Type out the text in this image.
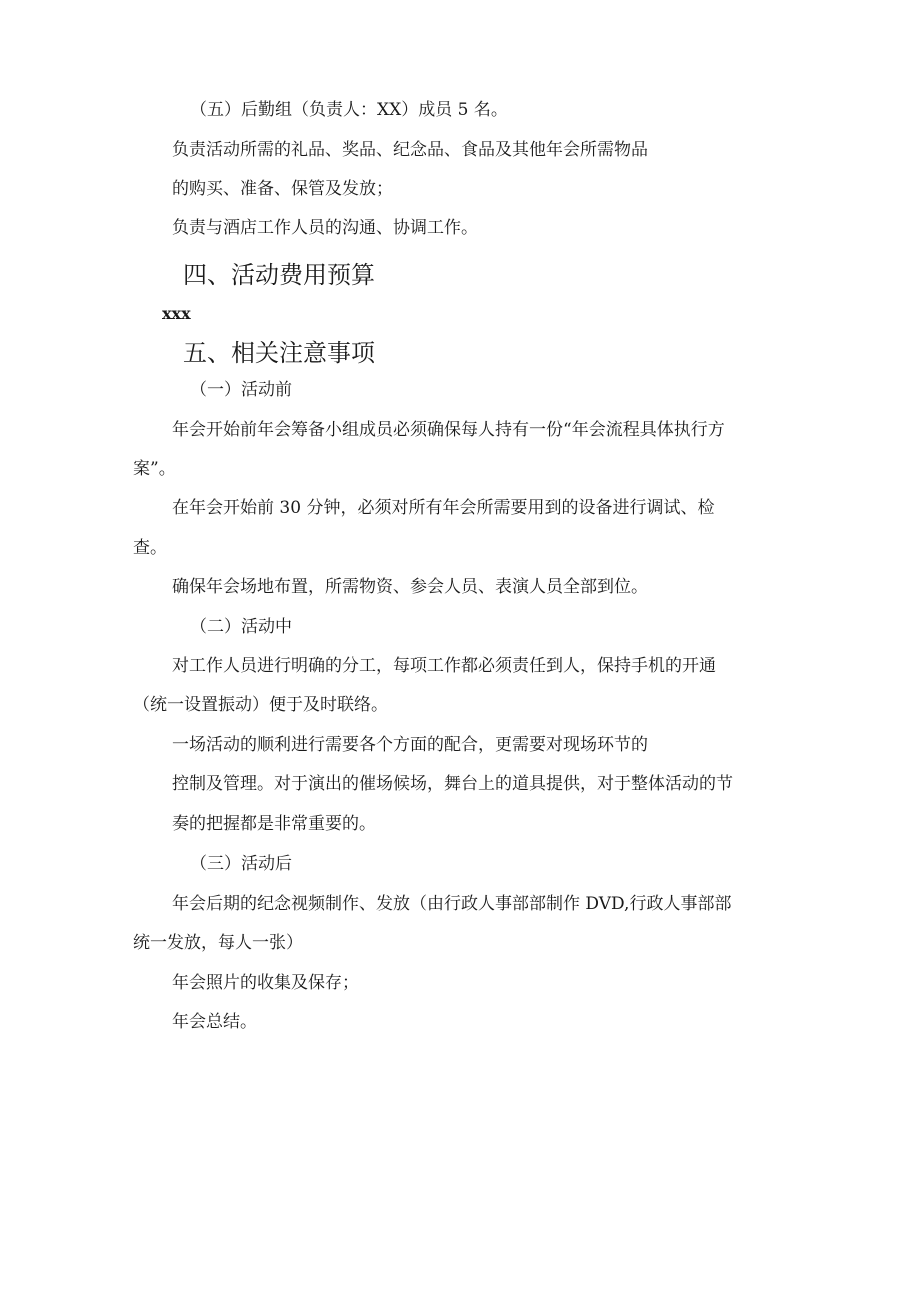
（五）后勤组（负责人：XX）成员 5 名。
负责活动所需的礼品、奖品、纪念品、食品及其他年会所需物品
的购买、准备、保管及发放；
负责与酒店工作人员的沟通、协调工作。
四、活动费用预算
xxx
五、相关注意事项
（一）活动前
年会开始前年会筹备小组成员必须确保每人持有一份“年会流程具体执行方
案”。
在年会开始前 30 分钟，必须对所有年会所需要用到的设备进行调试、检
查。
确保年会场地布置，所需物资、参会人员、表演人员全部到位。
（二）活动中
对工作人员进行明确的分工，每项工作都必须责任到人，保持手机的开通
（统一设置振动）便于及时联络。
一场活动的顺利进行需要各个方面的配合，更需要对现场环节的
控制及管理。对于演出的催场候场，舞台上的道具提供，对于整体活动的节
奏的把握都是非常重要的。
（三）活动后
年会后期的纪念视频制作、发放（由行政人事部部制作 DVD,行政人事部部
统一发放，每人一张）
年会照片的收集及保存；
年会总结。
